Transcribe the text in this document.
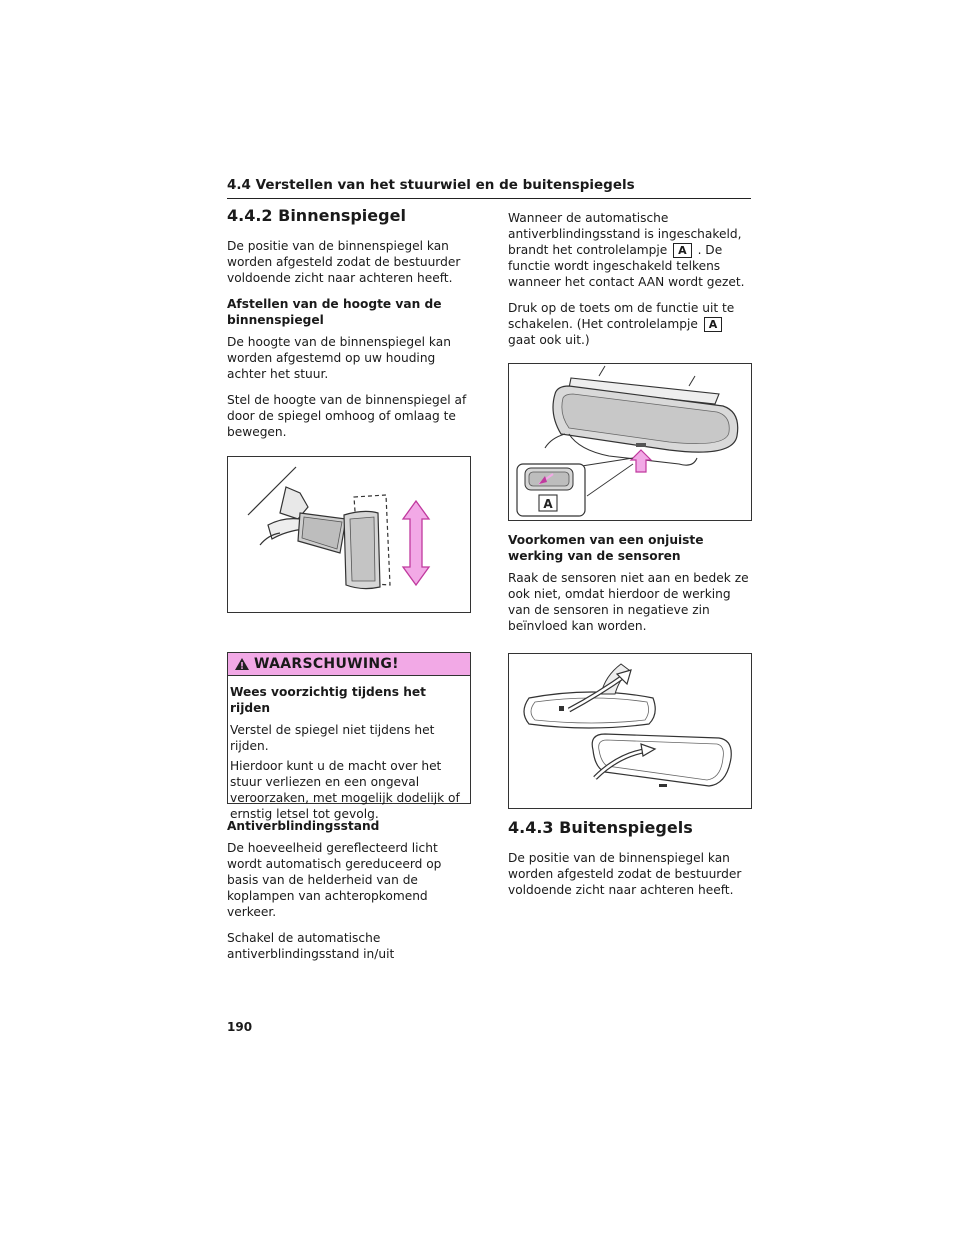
4.4 Verstellen van het stuurwiel en de buitenspiegels
4.4.2 Binnenspiegel

De positie van de binnenspiegel kan worden afgesteld zodat de bestuurder voldoende zicht naar achteren heeft.

Afstellen van de hoogte van de binnenspiegel

De hoogte van de binnenspiegel kan worden afgestemd op uw houding achter het stuur.

Stel de hoogte van de binnenspiegel af door de spiegel omhoog of omlaag te bewegen.

WAARSCHUWING!

Wees voorzichtig tijdens het rijden

Verstel de spiegel niet tijdens het rijden.

Hierdoor kunt u de macht over het stuur verliezen en een ongeval veroorzaken, met mogelijk dodelijk of ernstig letsel tot gevolg.

Antiverblindingsstand

De hoeveelheid gereflecteerd licht wordt automatisch gereduceerd op basis van de helderheid van de koplampen van achteropkomend verkeer.

Schakel de automatische antiverblindingsstand in/uit

Wanneer de automatische antiverblindingsstand is ingeschakeld, brandt het controlelampje A . De functie wordt ingeschakeld telkens wanneer het contact AAN wordt gezet.

Druk op de toets om de functie uit te schakelen. (Het controlelampje A gaat ook uit.)

A
Voorkomen van een onjuiste werking van de sensoren

Raak de sensoren niet aan en bedek ze ook niet, omdat hierdoor de werking van de sensoren in negatieve zin beïnvloed kan worden.

4.4.3 Buitenspiegels

De positie van de binnenspiegel kan worden afgesteld zodat de bestuurder voldoende zicht naar achteren heeft.

190
